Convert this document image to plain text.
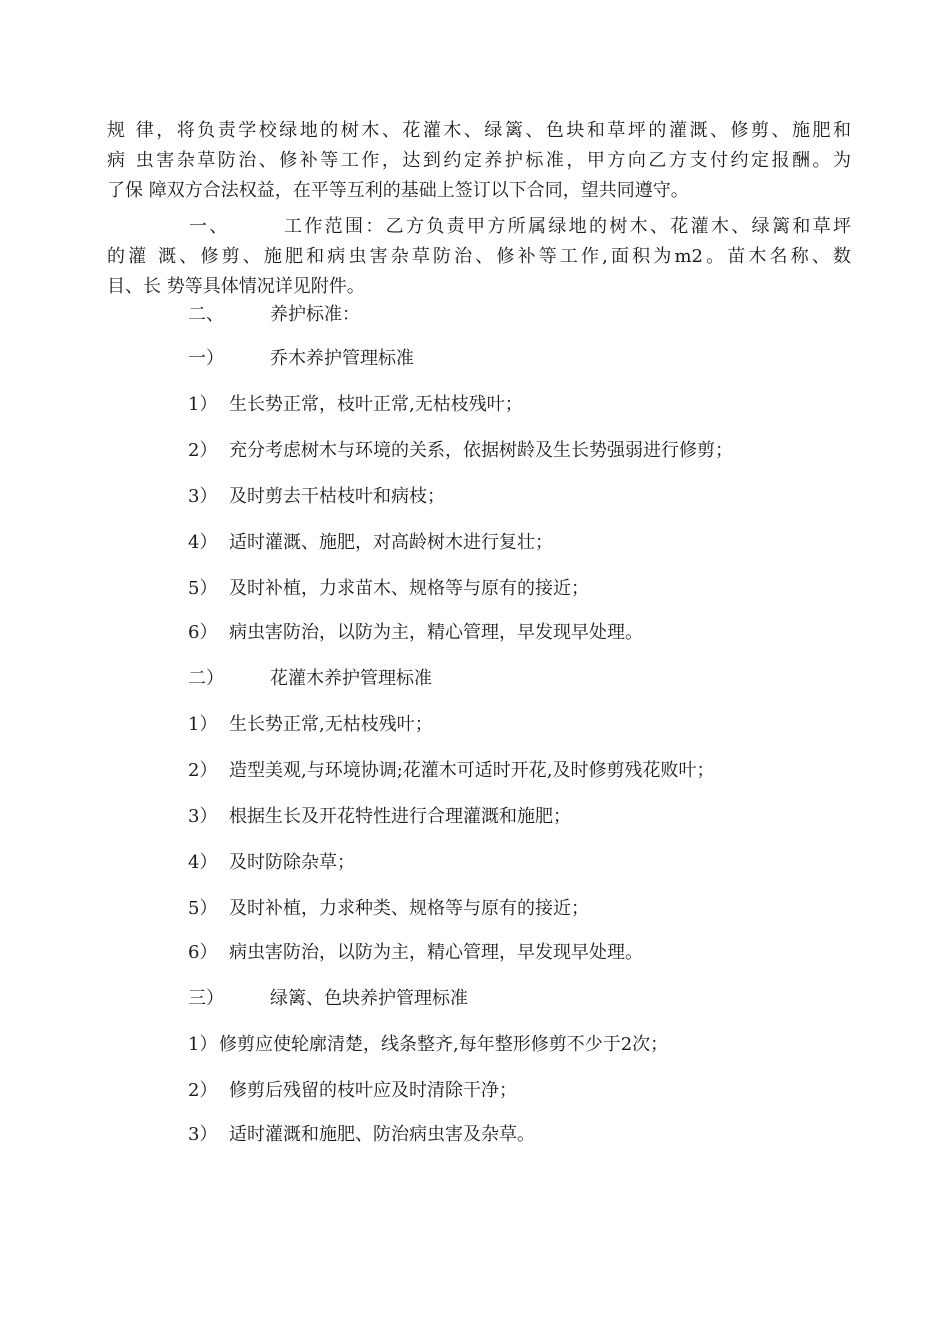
规 律，将负责学校绿地的树木、花灌木、绿篱、色块和草坪的灌溉、修剪、施肥和
病 虫害杂草防治、修补等工作，达到约定养护标准，甲方向乙方支付约定报酬。为
了保 障双方合法权益，在平等互利的基础上签订以下合同，望共同遵守。
一、	工作范围：乙方负责甲方所属绿地的树木、花灌木、绿篱和草坪
的灌 溉、修剪、施肥和病虫害杂草防治、修补等工作,面积为m2。苗木名称、数
目、长 势等具体情况详见附件。
二、	养护标准：
一）	乔木养护管理标准
1） 生长势正常，枝叶正常,无枯枝残叶；
2） 充分考虑树木与环境的关系，依据树龄及生长势强弱进行修剪；
3） 及时剪去干枯枝叶和病枝；
4） 适时灌溉、施肥，对高龄树木进行复壮；
5） 及时补植，力求苗木、规格等与原有的接近；
6） 病虫害防治，以防为主，精心管理，早发现早处理。
二）	花灌木养护管理标准
1） 生长势正常,无枯枝残叶；
2） 造型美观,与环境协调;花灌木可适时开花,及时修剪残花败叶；
3） 根据生长及开花特性进行合理灌溉和施肥；
4） 及时防除杂草；
5） 及时补植，力求种类、规格等与原有的接近；
6） 病虫害防治，以防为主，精心管理，早发现早处理。
三）	绿篱、色块养护管理标准
1）修剪应使轮廓清楚，线条整齐,每年整形修剪不少于2次；
2） 修剪后残留的枝叶应及时清除干净；
3） 适时灌溉和施肥、防治病虫害及杂草。
